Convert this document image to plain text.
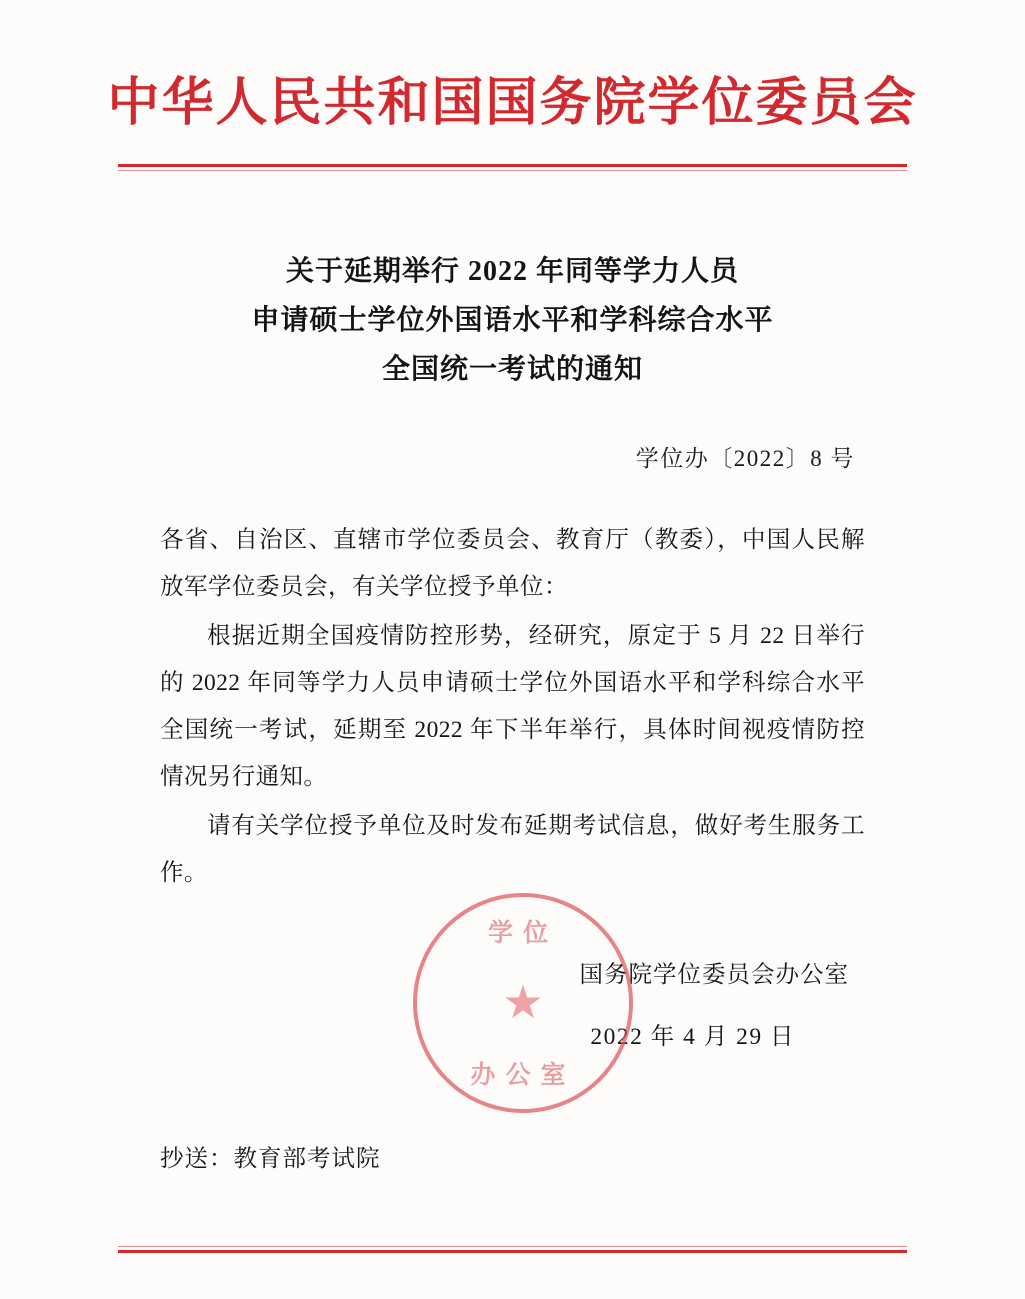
中华人民共和国国务院学位委员会
关于延期举行 2022 年同等学力人员
申请硕士学位外国语水平和学科综合水平
全国统一考试的通知
学位办〔2022〕8 号
各省、自治区、直辖市学位委员会、教育厅（教委），中国人民解放军学位委员会，有关学位授予单位：
根据近期全国疫情防控形势，经研究，原定于 5 月 22 日举行的 2022 年同等学力人员申请硕士学位外国语水平和学科综合水平全国统一考试，延期至 2022 年下半年举行，具体时间视疫情防控情况另行通知。
请有关学位授予单位及时发布延期考试信息，做好考生服务工作。
学位
★
办公室
国务院学位委员会办公室
2022 年 4 月 29 日
抄送：教育部考试院
